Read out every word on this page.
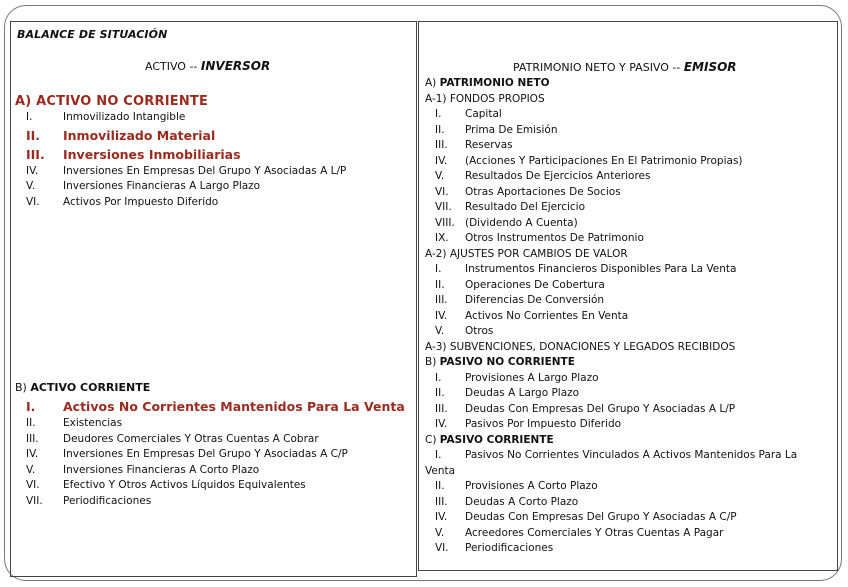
BALANCE DE SITUACIÓN
ACTIVO -- INVERSOR
A) ACTIVO NO CORRIENTE
I.	Inmovilizado Intangible
II. Inmovilizado Material
III. Inversiones Inmobiliarias
IV. Inversiones En Empresas Del Grupo Y Asociadas A L/P
V.	Inversiones Financieras A Largo Plazo
VI. Activos Por Impuesto Diferido
B) ACTIVO CORRIENTE
I. Activos No Corrientes Mantenidos Para La Venta
II.	Existencias
III. Deudores Comerciales Y Otras Cuentas A Cobrar
IV. Inversiones En Empresas Del Grupo Y Asociadas A C/P
V.	Inversiones Financieras A Corto Plazo
VI. Efectivo Y Otros Activos Líquidos Equivalentes
VII. Periodificaciones
PATRIMONIO NETO Y PASIVO -- EMISOR
A) PATRIMONIO NETO
A-1) FONDOS PROPIOS
I. Capital
II. Prima De Emisión
III. Reservas
IV. (Acciones Y Participaciones En El Patrimonio Propias)
V. Resultados De Ejercicios Anteriores
VI. Otras Aportaciones De Socios
VII. Resultado Del Ejercicio
VIII. (Dividendo A Cuenta)
IX. Otros Instrumentos De Patrimonio
A-2) AJUSTES POR CAMBIOS DE VALOR
I. Instrumentos Financieros Disponibles Para La Venta
II. Operaciones De Cobertura
III. Diferencias De Conversión
IV. Activos No Corrientes En Venta
V. Otros
A-3) SUBVENCIONES, DONACIONES Y LEGADOS RECIBIDOS
B) PASIVO NO CORRIENTE
I. Provisiones A Largo Plazo
II. Deudas A Largo Plazo
III. Deudas Con Empresas Del Grupo Y Asociadas A L/P
IV. Pasivos Por Impuesto Diferido
C) PASIVO CORRIENTE
I. Pasivos No Corrientes Vinculados A Activos Mantenidos Para La
Venta
II. Provisiones A Corto Plazo
III. Deudas A Corto Plazo
IV. Deudas Con Empresas Del Grupo Y Asociadas A C/P
V. Acreedores Comerciales Y Otras Cuentas A Pagar
VI. Periodificaciones
